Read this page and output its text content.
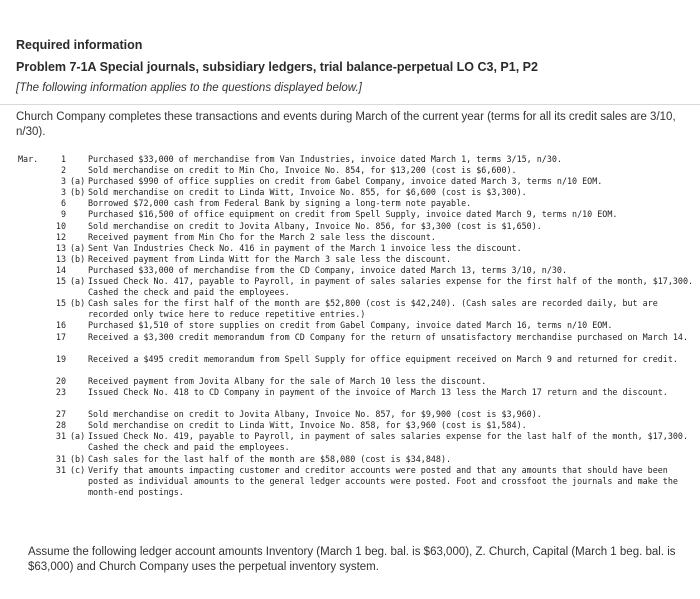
Required information
Problem 7-1A Special journals, subsidiary ledgers, trial balance-perpetual LO C3, P1, P2
[The following information applies to the questions displayed below.]
Church Company completes these transactions and events during March of the current year (terms for all its credit sales are 3/10, n/30).
Mar.	1	Purchased $33,000 of merchandise from Van Industries, invoice dated March 1, terms 3/15, n/30.
2	Sold merchandise on credit to Min Cho, Invoice No. 854, for $13,200 (cost is $6,600).
3 (a) Purchased $990 of office supplies on credit from Gabel Company, invoice dated March 3, terms n/10 EOM.
3 (b) Sold merchandise on credit to Linda Witt, Invoice No. 855, for $6,600 (cost is $3,300).
6	Borrowed $72,000 cash from Federal Bank by signing a long-term note payable.
9	Purchased $16,500 of office equipment on credit from Spell Supply, invoice dated March 9, terms n/10 EOM.
10	Sold merchandise on credit to Jovita Albany, Invoice No. 856, for $3,300 (cost is $1,650).
12	Received payment from Min Cho for the March 2 sale less the discount.
13 (a) Sent Van Industries Check No. 416 in payment of the March 1 invoice less the discount.
13 (b) Received payment from Linda Witt for the March 3 sale less the discount.
14	Purchased $33,000 of merchandise from the CD Company, invoice dated March 13, terms 3/10, n/30.
15 (a) Issued Check No. 417, payable to Payroll, in payment of sales salaries expense for the first half of the month, $17,300. Cashed the check and paid the employees.
15 (b) Cash sales for the first half of the month are $52,800 (cost is $42,240). (Cash sales are recorded daily, but are recorded only twice here to reduce repetitive entries.)
16	Purchased $1,510 of store supplies on credit from Gabel Company, invoice dated March 16, terms n/10 EOM.
17	Received a $3,300 credit memorandum from CD Company for the return of unsatisfactory merchandise purchased on March 14.
19	Received a $495 credit memorandum from Spell Supply for office equipment received on March 9 and returned for credit.
20	Received payment from Jovita Albany for the sale of March 10 less the discount.
23	Issued Check No. 418 to CD Company in payment of the invoice of March 13 less the March 17 return and the discount.
27	Sold merchandise on credit to Jovita Albany, Invoice No. 857, for $9,900 (cost is $3,960).
28	Sold merchandise on credit to Linda Witt, Invoice No. 858, for $3,960 (cost is $1,584).
31 (a) Issued Check No. 419, payable to Payroll, in payment of sales salaries expense for the last half of the month, $17,300. Cashed the check and paid the employees.
31 (b) Cash sales for the last half of the month are $58,080 (cost is $34,848).
31 (c) Verify that amounts impacting customer and creditor accounts were posted and that any amounts that should have been posted as individual amounts to the general ledger accounts were posted. Foot and crossfoot the journals and make the month-end postings.
Assume the following ledger account amounts Inventory (March 1 beg. bal. is $63,000), Z. Church, Capital (March 1 beg. bal. is $63,000) and Church Company uses the perpetual inventory system.
